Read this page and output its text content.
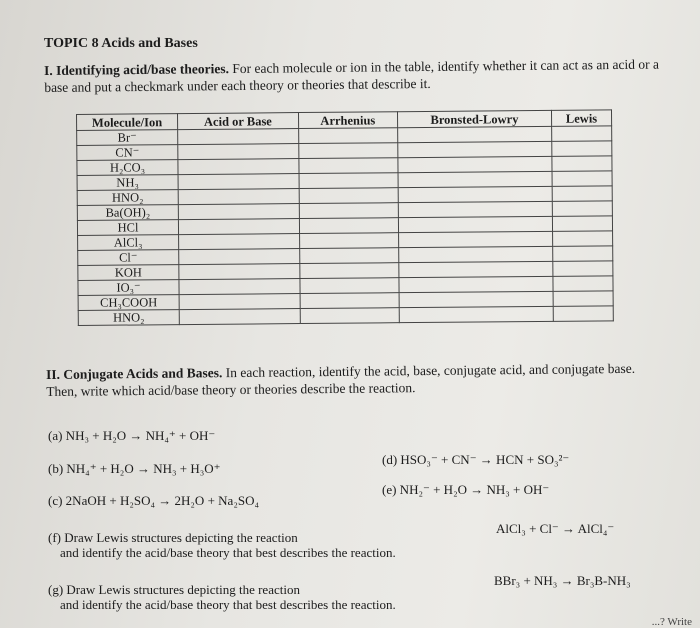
TOPIC 8 Acids and Bases
I. Identifying acid/base theories. For each molecule or ion in the table, identify whether it can act as an acid or a base and put a checkmark under each theory or theories that describe it.
Molecule/Ion	Acid or Base	Arrhenius	Bronsted-Lowry	Lewis
Br⁻				
CN⁻				
H₂CO₃				
NH₃				
HNO₂				
Ba(OH)₂				
HCl				
AlCl₃				
Cl⁻				
KOH				
IO₃⁻				
CH₃COOH				
HNO₂				
II. Conjugate Acids and Bases. In each reaction, identify the acid, base, conjugate acid, and conjugate base. Then, write which acid/base theory or theories describe the reaction.
(a) NH₃ + H₂O → NH₄⁺ + OH⁻
(b) NH₄⁺ + H₂O → NH₃ + H₃O⁺
(c) 2NaOH + H₂SO₄ → 2H₂O + Na₂SO₄
(d) HSO₃⁻ + CN⁻ → HCN + SO₃²⁻
(e) NH₂⁻ + H₂O → NH₃ + OH⁻
(f) Draw Lewis structures depicting the reaction
and identify the acid/base theory that best describes the reaction.
AlCl₃ + Cl⁻ → AlCl₄⁻
(g) Draw Lewis structures depicting the reaction
and identify the acid/base theory that best describes the reaction.
BBr₃ + NH₃ → Br₃B-NH₃
...? Write
